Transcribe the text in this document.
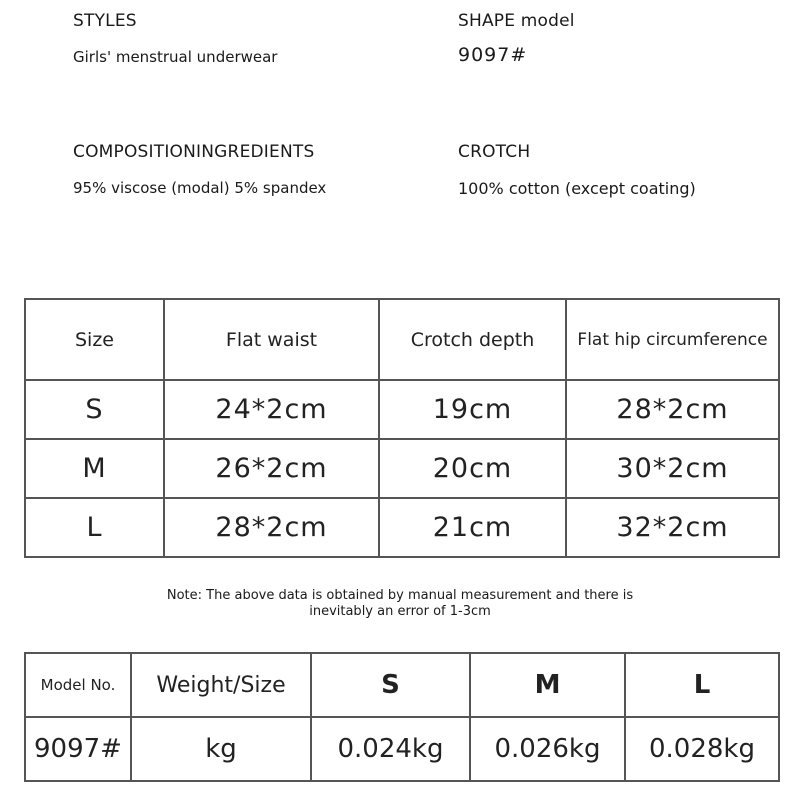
STYLES
Girls' menstrual underwear
SHAPE model
9097#
COMPOSITIONINGREDIENTS
95% viscose (modal) 5% spandex
CROTCH
100% cotton (except coating)
Size	Flat waist	Crotch depth	Flat hip circumference
S	24*2cm	19cm	28*2cm
M	26*2cm	20cm	30*2cm
L	28*2cm	21cm	32*2cm
Note: The above data is obtained by manual measurement and there is
inevitably an error of 1-3cm
Model No.	Weight/Size	S	M	L
9097#	kg	0.024kg	0.026kg	0.028kg
